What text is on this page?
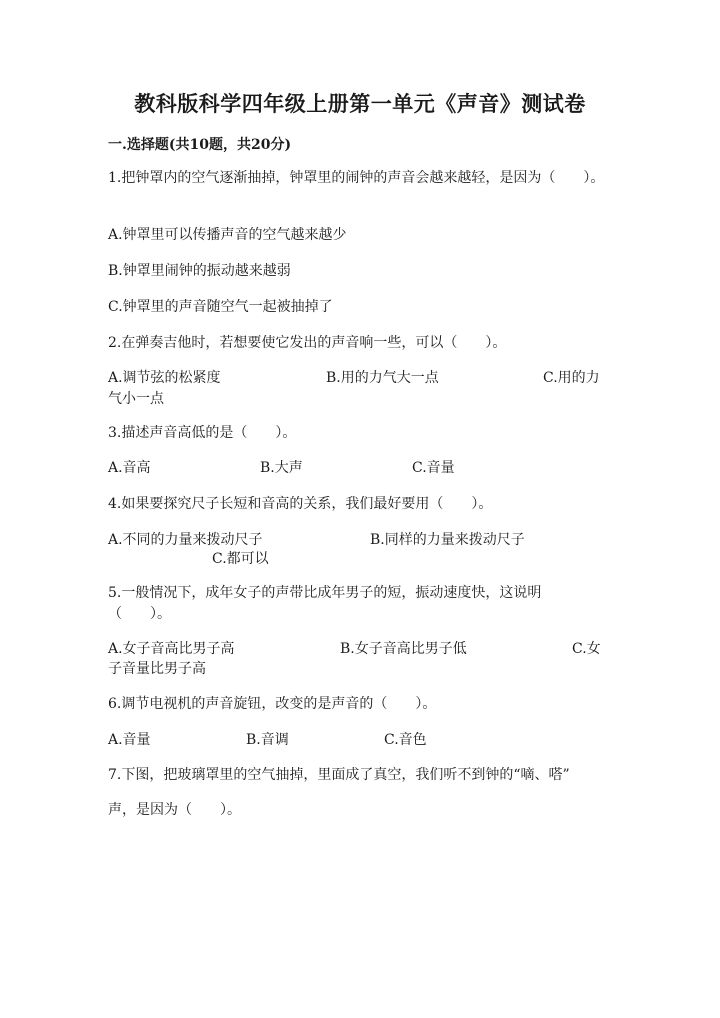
教科版科学四年级上册第一单元《声音》测试卷
一.选择题(共10题，共20分)
1.把钟罩内的空气逐渐抽掉，钟罩里的闹钟的声音会越来越轻，是因为（　　）。
A.钟罩里可以传播声音的空气越来越少
B.钟罩里闹钟的振动越来越弱
C.钟罩里的声音随空气一起被抽掉了
2.在弹奏吉他时，若想要使它发出的声音响一些，可以（　　）。
A.调节弦的松紧度	B.用的力气大一点	C.用的力
气小一点
3.描述声音高低的是（　　）。
A.音高	B.大声	C.音量
4.如果要探究尺子长短和音高的关系，我们最好要用（　　）。
A.不同的力量来拨动尺子	B.同样的力量来拨动尺子
C.都可以
5.一般情况下，成年女子的声带比成年男子的短，振动速度快，这说明（　　）。
A.女子音高比男子高	B.女子音高比男子低	C.女
子音量比男子高
6.调节电视机的声音旋钮，改变的是声音的（　　）。
A.音量	B.音调	C.音色
7.下图，把玻璃罩里的空气抽掉，里面成了真空，我们听不到钟的“嘀、嗒”
声，是因为（　　）。
